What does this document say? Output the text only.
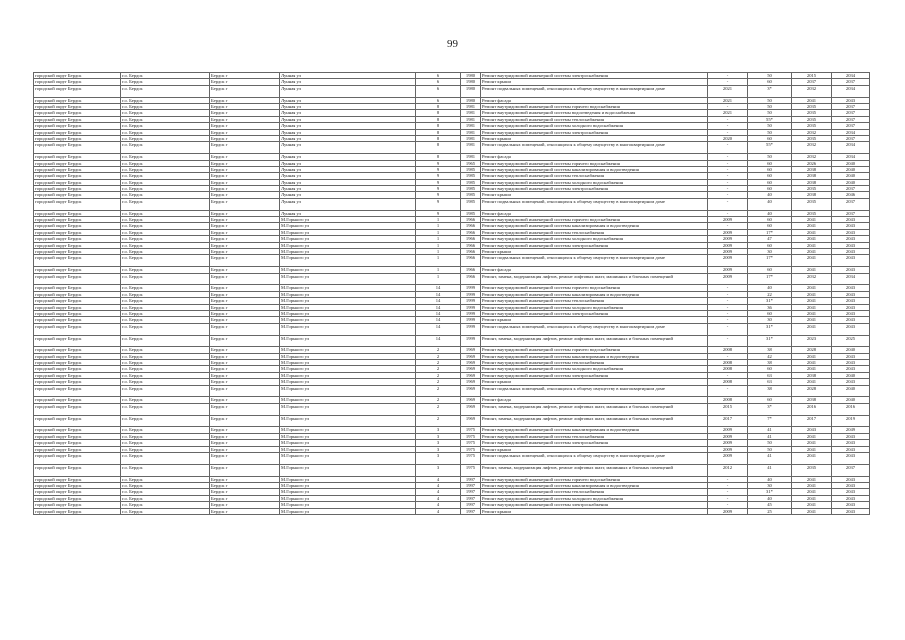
99
городской округ Бердск	г.о. Бердск	Бердск г	Лунная ул	6	1980	Ремонт внутридомовой инженерной системы электроснабжения	-	50	2015	2034
городской округ Бердск	г.о. Бердск	Бердск г	Лунная ул	6	1980	Ремонт крыши	-	60	2037	2037
городской округ Бердск	г.о. Бердск	Бердск г	Лунная ул	6	1980	Ремонт подвальных помещений, относящихся к общему имуществу в многоквартирном доме	2021	3*	2032	2034
городской округ Бердск	г.о. Бердск	Бердск г	Лунная ул	6	1980	Ремонт фасада	2021	50	2041	2043
городской округ Бердск	г.о. Бердск	Бердск г	Лунная ул	8	1981	Ремонт внутридомовой инженерной системы горячего водоснабжения	-	50	2035	2037
городской округ Бердск	г.о. Бердск	Бердск г	Лунная ул	8	1981	Ремонт внутридомовой инженерной системы водоотведения и водоснабжения	2021	50	2035	2037
городской округ Бердск	г.о. Бердск	Бердск г	Лунная ул	8	1981	Ремонт внутридомовой инженерной системы теплоснабжения	-	55*	2035	2037
городской округ Бердск	г.о. Бердск	Бердск г	Лунная ул	8	1981	Ремонт внутридомовой инженерной системы холодного водоснабжения	-	50	2035	2037
городской округ Бердск	г.о. Бердск	Бердск г	Лунная ул	8	1981	Ремонт внутридомовой инженерной системы электроснабжения	-	50	2032	2034
городской округ Бердск	г.о. Бердск	Бердск г	Лунная ул	8	1981	Ремонт крыши	2020	60	2035	2037
городской округ Бердск	г.о. Бердск	Бердск г	Лунная ул	8	1981	Ремонт подвальных помещений, относящихся к общему имуществу в многоквартирном доме	-	55*	2032	2034
городской округ Бердск	г.о. Бердск	Бердск г	Лунная ул	8	1981	Ремонт фасада	-	50	2032	2034
городской округ Бердск	г.о. Бердск	Бердск г	Лунная ул	9	1965	Ремонт внутридомовой инженерной системы горячего водоснабжения	-	60	2026	2040
городской округ Бердск	г.о. Бердск	Бердск г	Лунная ул	9	1985	Ремонт внутридомовой инженерной системы канализирования и водоотведения	-	60	2038	2040
городской округ Бердск	г.о. Бердск	Бердск г	Лунная ул	9	1985	Ремонт внутридомовой инженерной системы теплоснабжения	-	60	2038	2040
городской округ Бердск	г.о. Бердск	Бердск г	Лунная ул	9	1985	Ремонт внутридомовой инженерной системы холодного водоснабжения	-	60	2038	2040
городской округ Бердск	г.о. Бердск	Бердск г	Лунная ул	9	1985	Ремонт внутридомовой инженерной системы электроснабжения	-	60	2035	2037
городской округ Бердск	г.о. Бердск	Бердск г	Лунная ул	9	1985	Ремонт крыши	-	40	2038	2046
городской округ Бердск	г.о. Бердск	Бердск г	Лунная ул	9	1985	Ремонт подвальных помещений, относящихся к общему имуществу в многоквартирном доме	-	40	2035	2037
городской округ Бердск	г.о. Бердск	Бердск г	Лунная ул	9	1985	Ремонт фасада	-	40	2035	2037
городской округ Бердск	г.о. Бердск	Бердск г	М.Горького ул	1	1966	Ремонт внутридомовой инженерной системы горячего водоснабжения	2009	60	2041	2043
городской округ Бердск	г.о. Бердск	Бердск г	М.Горького ул	1	1966	Ремонт внутридомовой инженерной системы канализирования и водоотведения	-	60	2041	2043
городской округ Бердск	г.о. Бердск	Бердск г	М.Горького ул	1	1966	Ремонт внутридомовой инженерной системы теплоснабжения	2009	17*	2041	2043
городской округ Бердск	г.о. Бердск	Бердск г	М.Горького ул	1	1966	Ремонт внутридомовой инженерной системы холодного водоснабжения	2009	47	2041	2043
городской округ Бердск	г.о. Бердск	Бердск г	М.Горького ул	1	1966	Ремонт внутридомовой инженерной системы электроснабжения	2009	60	2041	2043
городской округ Бердск	г.о. Бердск	Бердск г	М.Горького ул	1	1966	Ремонт крыши	2009	30	2041	2043
городской округ Бердск	г.о. Бердск	Бердск г	М.Горького ул	1	1966	Ремонт подвальных помещений, относящихся к общему имуществу в многоквартирном доме	2009	17*	2041	2043
городской округ Бердск	г.о. Бердск	Бердск г	М.Горького ул	1	1966	Ремонт фасада	2009	60	2041	2043
городской округ Бердск	г.о. Бердск	Бердск г	М.Горького ул	1	1966	Ремонт, замена, модернизация лифтов, ремонт лифтовых шахт, машинных и блочных помещений	2009	17*	2032	2034
городской округ Бердск	г.о. Бердск	Бердск г	М.Горького ул	14	1999	Ремонт внутридомовой инженерной системы горячего водоснабжения	-	40	2041	2043
городской округ Бердск	г.о. Бердск	Бердск г	М.Горького ул	14	1999	Ремонт внутридомовой инженерной системы канализирования и водоотведения	-	22	2041	2043
городской округ Бердск	г.о. Бердск	Бердск г	М.Горького ул	14	1999	Ремонт внутридомовой инженерной системы теплоснабжения	-	31*	2041	2043
городской округ Бердск	г.о. Бердск	Бердск г	М.Горького ул	14	1999	Ремонт внутридомовой инженерной системы холодного водоснабжения	-	36	2041	2043
городской округ Бердск	г.о. Бердск	Бердск г	М.Горького ул	14	1999	Ремонт внутридомовой инженерной системы электроснабжения	-	60	2041	2043
городской округ Бердск	г.о. Бердск	Бердск г	М.Горького ул	14	1999	Ремонт крыши	-	30	2041	2043
городской округ Бердск	г.о. Бердск	Бердск г	М.Горького ул	14	1999	Ремонт подвальных помещений, относящихся к общему имуществу в многоквартирном доме	-	31*	2041	2043
городской округ Бердск	г.о. Бердск	Бердск г	М.Горького ул	14	1999	Ремонт, замена, модернизация лифтов, ремонт лифтовых шахт, машинных и блочных помещений	-	31*	2023	2025
городской округ Бердск	г.о. Бердск	Бердск г	М.Горького ул	2	1969	Ремонт внутридомовой инженерной системы горячего водоснабжения	2008	38	2028	2040
городской округ Бердск	г.о. Бердск	Бердск г	М.Горького ул	2	1969	Ремонт внутридомовой инженерной системы канализирования и водоотведения	-	42	2041	2043
городской округ Бердск	г.о. Бердск	Бердск г	М.Горького ул	2	1969	Ремонт внутридомовой инженерной системы теплоснабжения	2008	38	2041	2043
городской округ Бердск	г.о. Бердск	Бердск г	М.Горького ул	2	1969	Ремонт внутридомовой инженерной системы холодного водоснабжения	2008	60	2041	2043
городской округ Бердск	г.о. Бердск	Бердск г	М.Горького ул	2	1969	Ремонт внутридомовой инженерной системы электроснабжения	-	63	2038	2040
городской округ Бердск	г.о. Бердск	Бердск г	М.Горького ул	2	1969	Ремонт крыши	2008	63	2041	2043
городской округ Бердск	г.о. Бердск	Бердск г	М.Горького ул	2	1969	Ремонт подвальных помещений, относящихся к общему имуществу в многоквартирном доме	-	38	2028	2040
городской округ Бердск	г.о. Бердск	Бердск г	М.Горького ул	2	1969	Ремонт фасада	2008	60	2038	2040
городской округ Бердск	г.о. Бердск	Бердск г	М.Горького ул	2	1969	Ремонт, замена, модернизация лифтов, ремонт лифтовых шахт, машинных и блочных помещений	2015	3*	2016	2016
городской округ Бердск	г.о. Бердск	Бердск г	М.Горького ул	2	1969	Ремонт, замена, модернизация лифтов, ремонт лифтовых шахт, машинных и блочных помещений	2017	7*	2017	2019
городской округ Бердск	г.о. Бердск	Бердск г	М.Горького ул	3	1975	Ремонт внутридомовой инженерной системы канализирования и водоотведения	2009	41	2043	2049
городской округ Бердск	г.о. Бердск	Бердск г	М.Горького ул	3	1975	Ремонт внутридомовой инженерной системы теплоснабжения	2009	41	2041	2043
городской округ Бердск	г.о. Бердск	Бердск г	М.Горького ул	3	1975	Ремонт внутридомовой инженерной системы электроснабжения	2009	50	2041	2043
городской округ Бердск	г.о. Бердск	Бердск г	М.Горького ул	3	1975	Ремонт крыши	2009	50	2041	2043
городской округ Бердск	г.о. Бердск	Бердск г	М.Горького ул	3	1975	Ремонт подвальных помещений, относящихся к общему имуществу в многоквартирном доме	2009	41	2041	2043
городской округ Бердск	г.о. Бердск	Бердск г	М.Горького ул	3	1975	Ремонт, замена, модернизация лифтов, ремонт лифтовых шахт, машинных и блочных помещений	2012	41	2035	2037
городской округ Бердск	г.о. Бердск	Бердск г	М.Горького ул	4	1997	Ремонт внутридомовой инженерной системы горячего водоснабжения	-	40	2041	2043
городской округ Бердск	г.о. Бердск	Бердск г	М.Горького ул	4	1997	Ремонт внутридомовой инженерной системы канализирования и водоотведения	-	30	2041	2043
городской округ Бердск	г.о. Бердск	Бердск г	М.Горького ул	4	1997	Ремонт внутридомовой инженерной системы теплоснабжения	-	31*	2041	2043
городской округ Бердск	г.о. Бердск	Бердск г	М.Горького ул	4	1997	Ремонт внутридомовой инженерной системы холодного водоснабжения	-	40	2041	2043
городской округ Бердск	г.о. Бердск	Бердск г	М.Горького ул	4	1997	Ремонт внутридомовой инженерной системы электроснабжения	-	45	2041	2043
городской округ Бердск	г.о. Бердск	Бердск г	М.Горького ул	4	1997	Ремонт крыши	2009	25	2041	2043
